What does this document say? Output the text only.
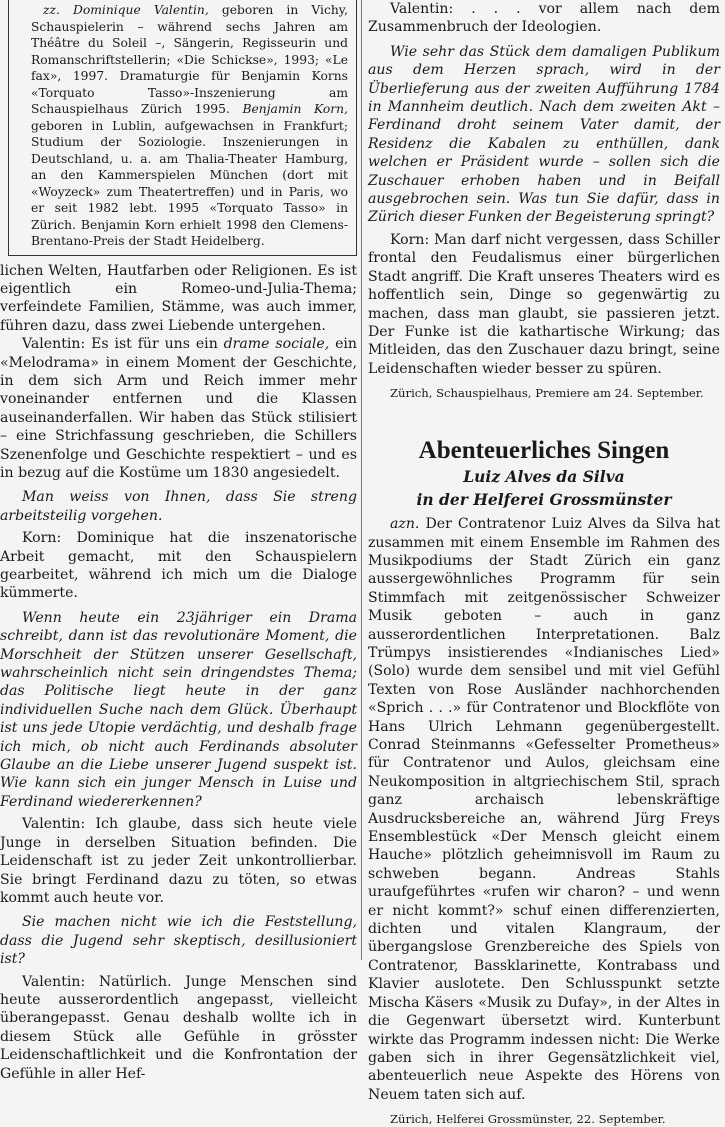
zz. Dominique Valentin, geboren in Vichy, Schauspielerin – während sechs Jahren am Théâtre du Soleil –, Sängerin, Regisseurin und Romanschriftstellerin; «Die Schickse», 1993; «Le fax», 1997. Dramaturgie für Benjamin Korns «Torquato Tasso»-Inszenierung am Schauspielhaus Zürich 1995. Benjamin Korn, geboren in Lublin, aufgewachsen in Frankfurt; Studium der Soziologie. Inszenierungen in Deutschland, u. a. am Thalia-Theater Hamburg, an den Kammerspielen München (dort mit «Woyzeck» zum Theatertreffen) und in Paris, wo er seit 1982 lebt. 1995 «Torquato Tasso» in Zürich. Benjamin Korn erhielt 1998 den Clemens-Brentano-Preis der Stadt Heidelberg.

lichen Welten, Hautfarben oder Religionen. Es ist eigentlich ein Romeo-und-Julia-Thema; verfeindete Familien, Stämme, was auch immer, führen dazu, dass zwei Liebende untergehen.

Valentin: Es ist für uns ein drame sociale, ein «Melodrama» in einem Moment der Geschichte, in dem sich Arm und Reich immer mehr voneinander entfernen und die Klassen auseinanderfallen. Wir haben das Stück stilisiert – eine Strichfassung geschrieben, die Schillers Szenenfolge und Geschichte respektiert – und es in bezug auf die Kostüme um 1830 angesiedelt.

Man weiss von Ihnen, dass Sie streng arbeitsteilig vorgehen.

Korn: Dominique hat die inszenatorische Arbeit gemacht, mit den Schauspielern gearbeitet, während ich mich um die Dialoge kümmerte.

Wenn heute ein 23jähriger ein Drama schreibt, dann ist das revolutionäre Moment, die Morschheit der Stützen unserer Gesellschaft, wahrscheinlich nicht sein dringendstes Thema; das Politische liegt heute in der ganz individuellen Suche nach dem Glück. Überhaupt ist uns jede Utopie verdächtig, und deshalb frage ich mich, ob nicht auch Ferdinands absoluter Glaube an die Liebe unserer Jugend suspekt ist. Wie kann sich ein junger Mensch in Luise und Ferdinand wiedererkennen?

Valentin: Ich glaube, dass sich heute viele Junge in derselben Situation befinden. Die Leidenschaft ist zu jeder Zeit unkontrollierbar. Sie bringt Ferdinand dazu zu töten, so etwas kommt auch heute vor.

Sie machen nicht wie ich die Feststellung, dass die Jugend sehr skeptisch, desillusioniert ist?

Valentin: Natürlich. Junge Menschen sind heute ausserordentlich angepasst, vielleicht überangepasst. Genau deshalb wollte ich in diesem Stück alle Gefühle in grösster Leidenschaftlichkeit und die Konfrontation der Gefühle in aller Hef-

Valentin: . . . vor allem nach dem Zusammenbruch der Ideologien.

Wie sehr das Stück dem damaligen Publikum aus dem Herzen sprach, wird in der Überlieferung aus der zweiten Aufführung 1784 in Mannheim deutlich. Nach dem zweiten Akt – Ferdinand droht seinem Vater damit, der Residenz die Kabalen zu enthüllen, dank welchen er Präsident wurde – sollen sich die Zuschauer erhoben haben und in Beifall ausgebrochen sein. Was tun Sie dafür, dass in Zürich dieser Funken der Begeisterung springt?

Korn: Man darf nicht vergessen, dass Schiller frontal den Feudalismus einer bürgerlichen Stadt angriff. Die Kraft unseres Theaters wird es hoffentlich sein, Dinge so gegenwärtig zu machen, dass man glaubt, sie passieren jetzt. Der Funke ist die kathartische Wirkung; das Mitleiden, das den Zuschauer dazu bringt, seine Leidenschaften wieder besser zu spüren.

Zürich, Schauspielhaus, Premiere am 24. September.
Abenteuerliches Singen
Luiz Alves da Silva
in der Helferei Grossmünster

azn. Der Contratenor Luiz Alves da Silva hat zusammen mit einem Ensemble im Rahmen des Musikpodiums der Stadt Zürich ein ganz aussergewöhnliches Programm für sein Stimmfach mit zeitgenössischer Schweizer Musik geboten – auch in ganz ausserordentlichen Interpretationen. Balz Trümpys insistierendes «Indianisches Lied» (Solo) wurde dem sensibel und mit viel Gefühl Texten von Rose Ausländer nachhorchenden «Sprich . . .» für Contratenor und Blockflöte von Hans Ulrich Lehmann gegenübergestellt. Conrad Steinmanns «Gefesselter Prometheus» für Contratenor und Aulos, gleichsam eine Neukomposition in altgriechischem Stil, sprach ganz archaisch lebenskräftige Ausdrucksbereiche an, während Jürg Freys Ensemblestück «Der Mensch gleicht einem Hauche» plötzlich geheimnisvoll im Raum zu schweben begann. Andreas Stahls uraufgeführtes «rufen wir charon? – und wenn er nicht kommt?» schuf einen differenzierten, dichten und vitalen Klangraum, der übergangslose Grenzbereiche des Spiels von Contratenor, Bassklarinette, Kontrabass und Klavier auslotete. Den Schlusspunkt setzte Mischa Käsers «Musik zu Dufay», in der Altes in die Gegenwart übersetzt wird. Kunterbunt wirkte das Programm indessen nicht: Die Werke gaben sich in ihrer Gegensätzlichkeit viel, abenteuerlich neue Aspekte des Hörens von Neuem taten sich auf.

Zürich, Helferei Grossmünster, 22. September.
